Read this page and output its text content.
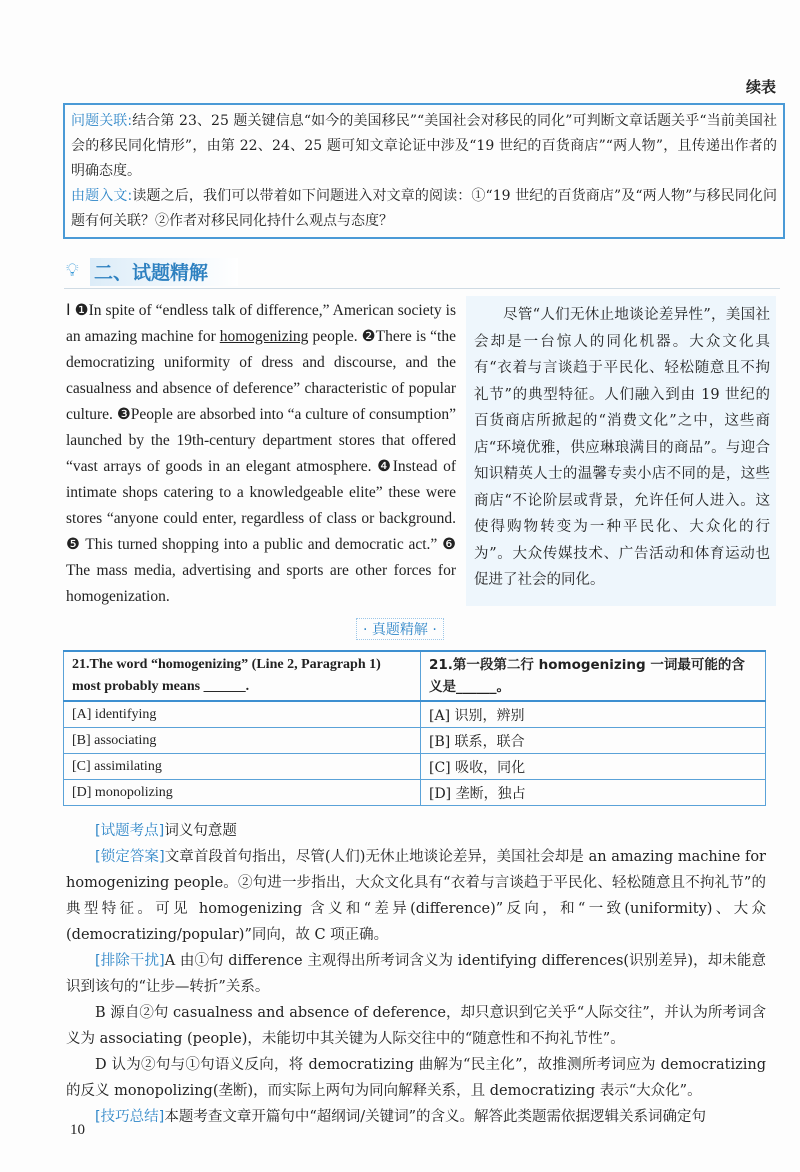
续表
问题关联:结合第 23、25 题关键信息“如今的美国移民”“美国社会对移民的同化”可判断文章话题关乎“当前美国社会的移民同化情形”，由第 22、24、25 题可知文章论证中涉及“19 世纪的百货商店”“两人物”，且传递出作者的明确态度。
由题入文:读题之后，我们可以带着如下问题进入对文章的阅读：①“19 世纪的百货商店”及“两人物”与移民同化问题有何关联？②作者对移民同化持什么观点与态度？
💡︎ 二、试题精解
Ⅰ ❶In spite of “endless talk of difference,” American society is an amazing machine for homogenizing people. ❷There is “the democratizing uniformity of dress and discourse, and the casualness and absence of deference” characteristic of popular culture. ❸People are absorbed into “a culture of consumption” launched by the 19th-century department stores that offered “vast arrays of goods in an elegant atmosphere. ❹Instead of intimate shops catering to a knowledgeable elite” these were stores “anyone could enter, regardless of class or background. ❺ This turned shopping into a public and democratic act.” ❻ The mass media, advertising and sports are other forces for homogenization.
尽管“人们无休止地谈论差异性”，美国社会却是一台惊人的同化机器。大众文化具有“衣着与言谈趋于平民化、轻松随意且不拘礼节”的典型特征。人们融入到由 19 世纪的百货商店所掀起的“消费文化”之中，这些商店“环境优雅，供应琳琅满目的商品”。与迎合知识精英人士的温馨专卖小店不同的是，这些商店“不论阶层或背景，允许任何人进入。这使得购物转变为一种平民化、大众化的行为”。大众传媒技术、广告活动和体育运动也促进了社会的同化。
· 真题精解 ·
21.The word “homogenizing” (Line 2, Paragraph 1) most probably means ______.	21.第一段第二行 homogenizing 一词最可能的含义是______。
[A] identifying	[A] 识别，辨别
[B] associating	[B] 联系，联合
[C] assimilating	[C] 吸收，同化
[D] monopolizing	[D] 垄断，独占

[试题考点]词义句意题

[锁定答案]文章首段首句指出，尽管(人们)无休止地谈论差异，美国社会却是 an amazing machine for homogenizing people。②句进一步指出，大众文化具有“衣着与言谈趋于平民化、轻松随意且不拘礼节”的典型特征。可见 homogenizing 含义和“差异(difference)”反向，和“一致(uniformity)、大众(democratizing/popular)”同向，故 C 项正确。

[排除干扰]A 由①句 difference 主观得出所考词含义为 identifying differences(识别差异)，却未能意识到该句的“让步—转折”关系。

B 源自②句 casualness and absence of deference，却只意识到它关乎“人际交往”，并认为所考词含义为 associating (people)，未能切中其关键为人际交往中的“随意性和不拘礼节性”。

D 认为②句与①句语义反向，将 democratizing 曲解为“民主化”，故推测所考词应为 democratizing 的反义 monopolizing(垄断)，而实际上两句为同向解释关系，且 democratizing 表示“大众化”。

[技巧总结]本题考查文章开篇句中“超纲词/关键词”的含义。解答此类题需依据逻辑关系词确定句

10
